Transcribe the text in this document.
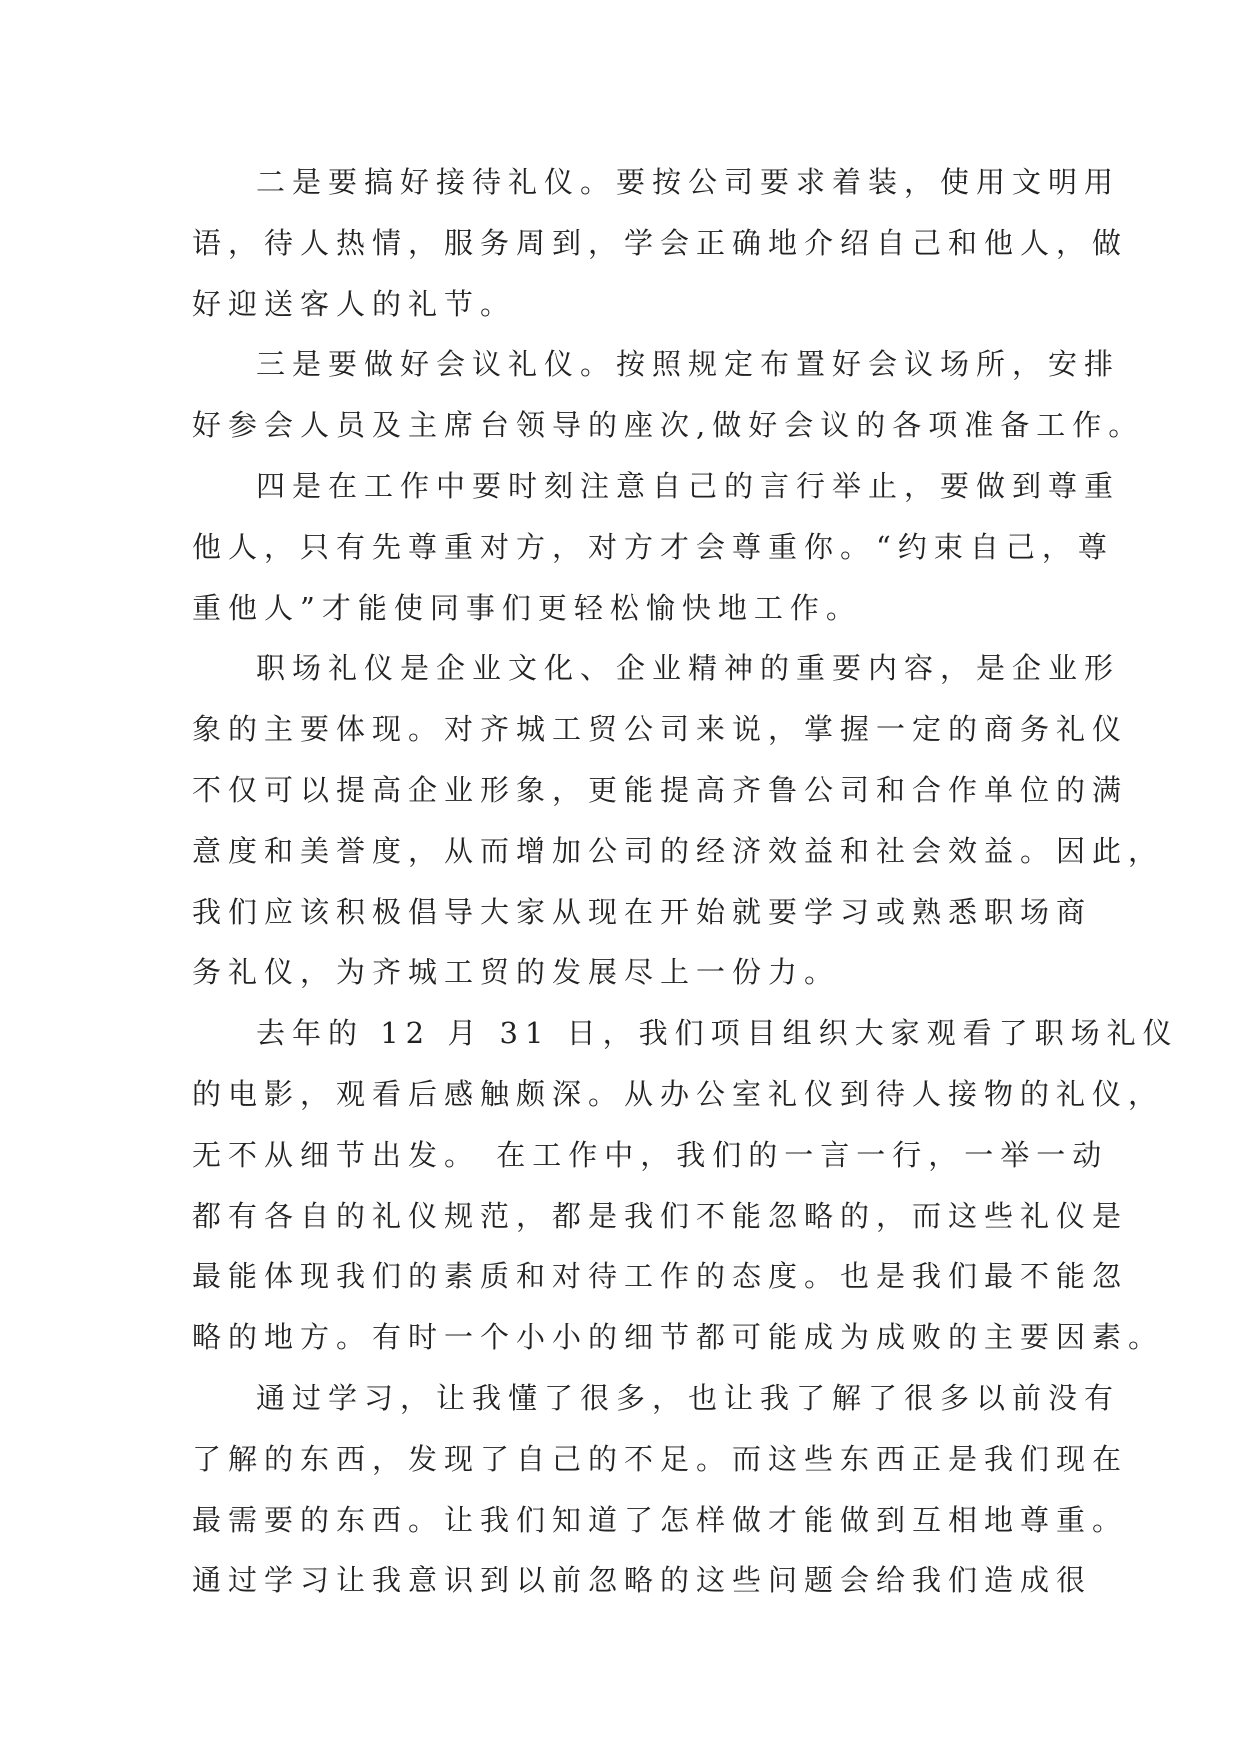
二是要搞好接待礼仪。要按公司要求着装，使用文明用
语，待人热情，服务周到，学会正确地介绍自己和他人，做
好迎送客人的礼节。
三是要做好会议礼仪。按照规定布置好会议场所，安排
好参会人员及主席台领导的座次,做好会议的各项准备工作。
四是在工作中要时刻注意自己的言行举止，要做到尊重
他人，只有先尊重对方，对方才会尊重你。“约束自己，尊
重他人”才能使同事们更轻松愉快地工作。
职场礼仪是企业文化、企业精神的重要内容，是企业形
象的主要体现。对齐城工贸公司来说，掌握一定的商务礼仪
不仅可以提高企业形象，更能提高齐鲁公司和合作单位的满
意度和美誉度，从而增加公司的经济效益和社会效益。因此，
我们应该积极倡导大家从现在开始就要学习或熟悉职场商
务礼仪，为齐城工贸的发展尽上一份力。
去年的 12 月 31 日，我们项目组织大家观看了职场礼仪
的电影，观看后感触颇深。从办公室礼仪到待人接物的礼仪，
无不从细节出发。 在工作中，我们的一言一行，一举一动
都有各自的礼仪规范，都是我们不能忽略的，而这些礼仪是
最能体现我们的素质和对待工作的态度。也是我们最不能忽
略的地方。有时一个小小的细节都可能成为成败的主要因素。
通过学习，让我懂了很多，也让我了解了很多以前没有
了解的东西，发现了自己的不足。而这些东西正是我们现在
最需要的东西。让我们知道了怎样做才能做到互相地尊重。
通过学习让我意识到以前忽略的这些问题会给我们造成很
